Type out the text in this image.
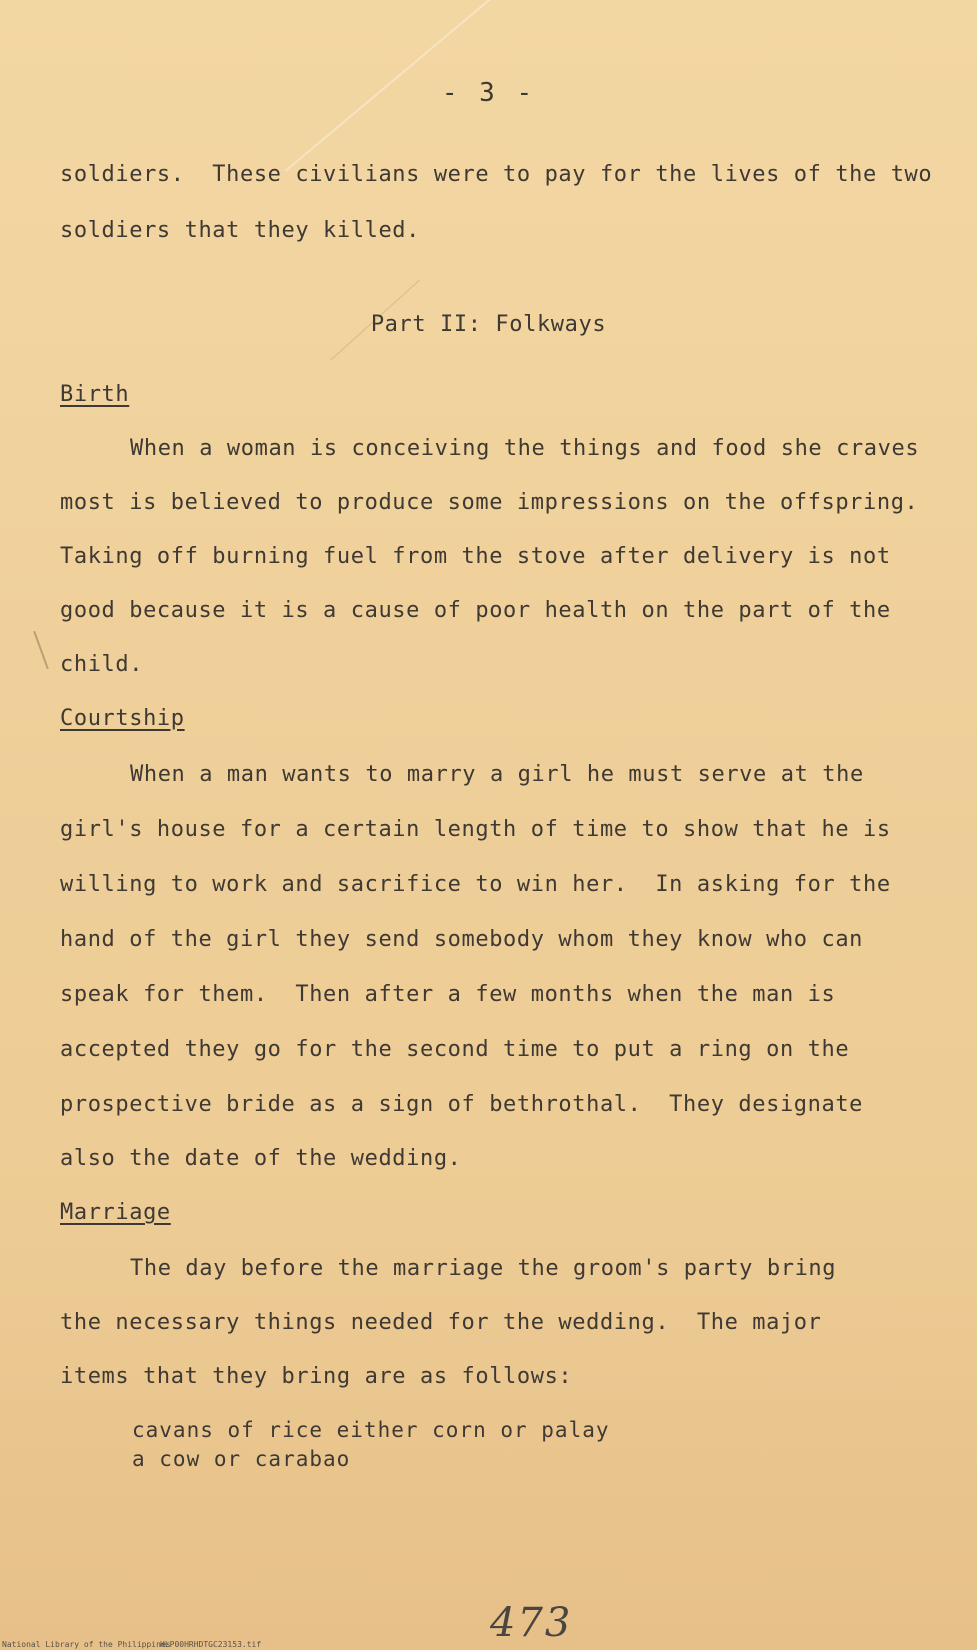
- 3 -
soldiers.  These civilians were to pay for the lives of the two
soldiers that they killed.
Part II: Folkways
Birth
When a woman is conceiving the things and food she craves
most is believed to produce some impressions on the offspring.
Taking off burning fuel from the stove after delivery is not
good because it is a cause of poor health on the part of the
child.
Courtship
When a man wants to marry a girl he must serve at the
girl's house for a certain length of time to show that he is
willing to work and sacrifice to win her.  In asking for the
hand of the girl they send somebody whom they know who can
speak for them.  Then after a few months when the man is
accepted they go for the second time to put a ring on the
prospective bride as a sign of bethrothal.  They designate
also the date of the wedding.
Marriage
The day before the marriage the groom's party bring
the necessary things needed for the wedding.  The major
items that they bring are as follows:
cavans of rice either corn or palay
a cow or carabao
473
National Library of the Philippines
HLP00HRHDTGC23153.tif
